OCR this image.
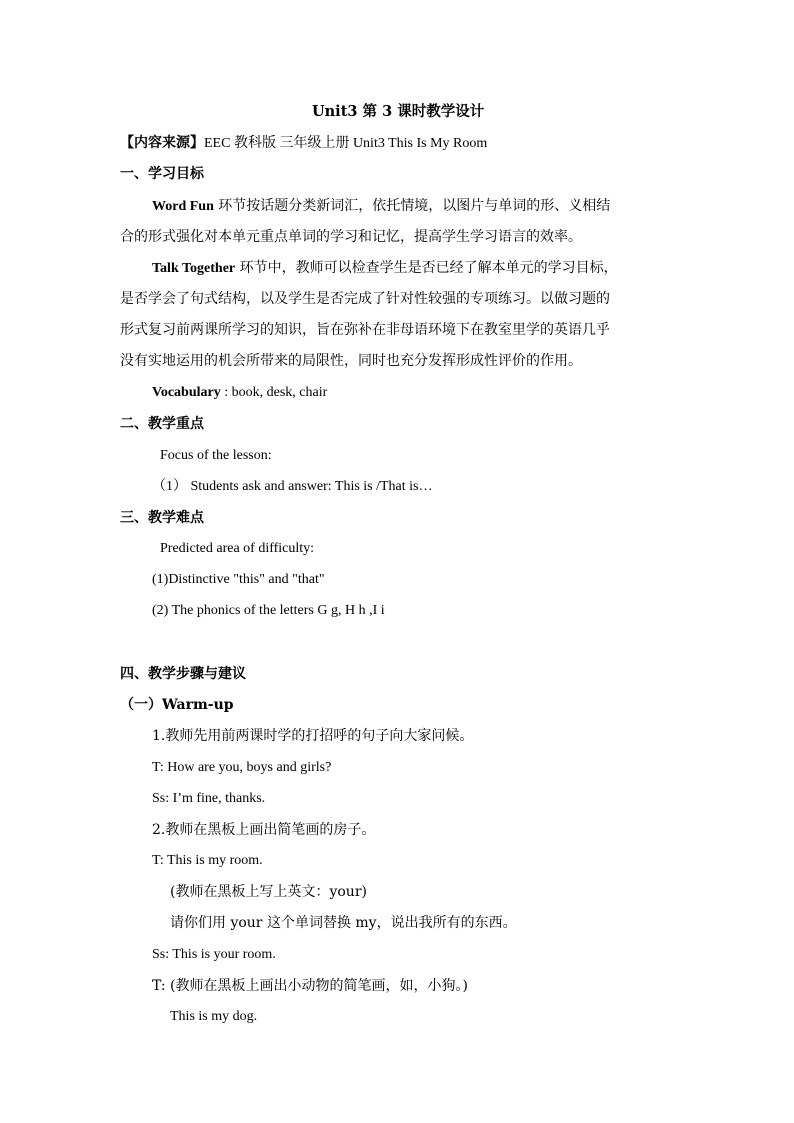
Unit3 第 3 课时教学设计
【内容来源】EEC 教科版 三年级上册 Unit3 This Is My Room
一、学习目标
Word Fun 环节按话题分类新词汇，依托情境，以图片与单词的形、义相结
合的形式强化对本单元重点单词的学习和记忆，提高学生学习语言的效率。
Talk Together 环节中，教师可以检查学生是否已经了解本单元的学习目标，
是否学会了句式结构，以及学生是否完成了针对性较强的专项练习。以做习题的
形式复习前两课所学习的知识，旨在弥补在非母语环境下在教室里学的英语几乎
没有实地运用的机会所带来的局限性，同时也充分发挥形成性评价的作用。
Vocabulary : book, desk, chair
二、教学重点
Focus of the lesson:
（1） Students ask and answer: This is /That is…
三、教学难点
Predicted area of difficulty:
(1)Distinctive "this" and "that"
(2) The phonics of the letters G g, H h ,I i
四、教学步骤与建议
（一）Warm-up
1.教师先用前两课时学的打招呼的句子向大家问候。
T: How are you, boys and girls?
Ss: I’m fine, thanks.
2.教师在黑板上画出简笔画的房子。
T: This is my room.
(教师在黑板上写上英文：your)
请你们用 your 这个单词替换 my，说出我所有的东西。
Ss: This is your room.
T: (教师在黑板上画出小动物的简笔画，如，小狗。)
This is my dog.
